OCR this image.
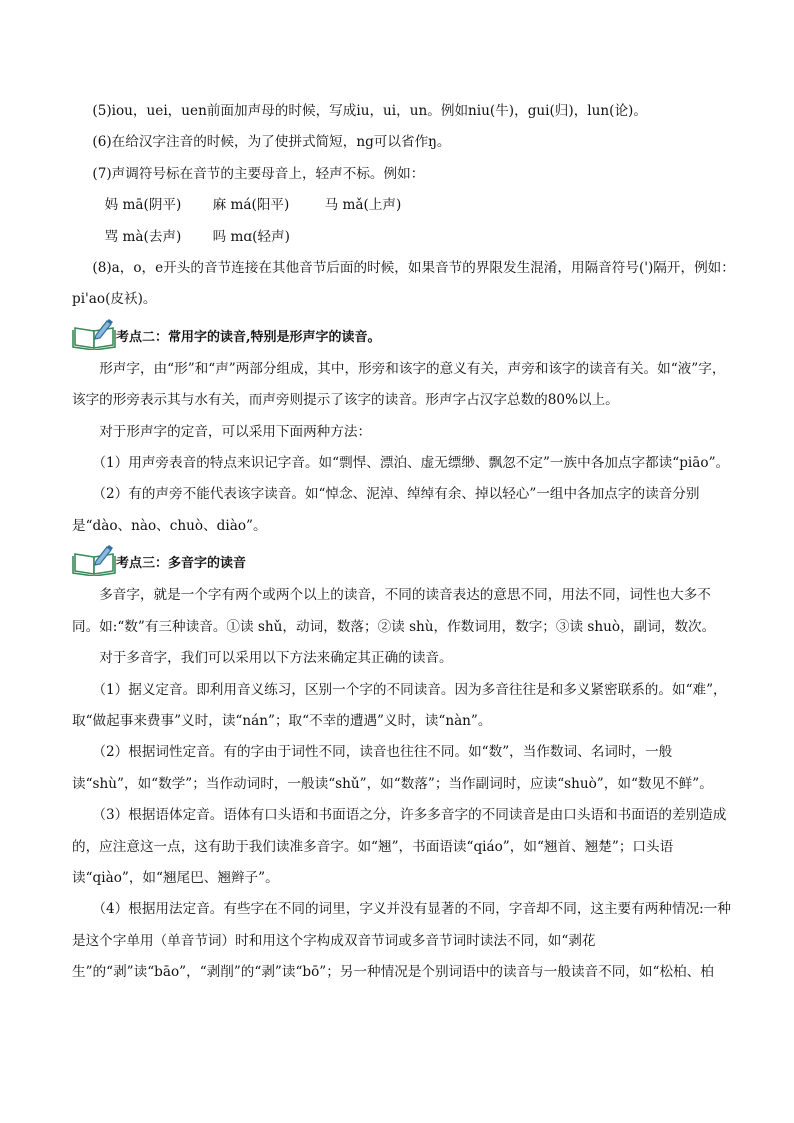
(5)iou，uei，uen前面加声母的时候，写成iu，ui，un。例如niu(牛)，gui(归)，lun(论)。

(6)在给汉字注音的时候，为了使拼式简短，ng可以省作ŋ。

(7)声调符号标在音节的主要母音上，轻声不标。例如：

妈 mā(阴平) 麻 má(阳平)	马 mǎ(上声)

骂 mà(去声) 吗 mɑ(轻声)

(8)a，o，e开头的音节连接在其他音节后面的时候，如果音节的界限发生混淆，用隔音符号(')隔开，例如：pi'ao(皮袄)。

考点二：常用字的读音,特别是形声字的读音。

形声字，由“形”和“声”两部分组成，其中，形旁和该字的意义有关，声旁和该字的读音有关。如“液”字，该字的形旁表示其与水有关，而声旁则提示了该字的读音。形声字占汉字总数的80%以上。

对于形声字的定音，可以采用下面两种方法：

（1）用声旁表音的特点来识记字音。如“剽悍、漂泊、虚无缥缈、飘忽不定”一族中各加点字都读“piāo”。

（2）有的声旁不能代表该字读音。如“悼念、泥淖、绰绰有余、掉以轻心”一组中各加点字的读音分别是“dào、nào、chuò、diào”。

考点三：多音字的读音

多音字，就是一个字有两个或两个以上的读音，不同的读音表达的意思不同，用法不同，词性也大多不同。如:“数”有三种读音。①读 shǔ，动词，数落；②读 shù，作数词用，数字；③读 shuò，副词，数次。

对于多音字，我们可以采用以下方法来确定其正确的读音。

（1）据义定音。即利用音义练习，区别一个字的不同读音。因为多音往往是和多义紧密联系的。如“难”，取“做起事来费事”义时，读“nán”；取“不幸的遭遇”义时，读“nàn”。

（2）根据词性定音。有的字由于词性不同，读音也往往不同。如“数”，当作数词、名词时，一般读“shù”，如“数学”；当作动词时，一般读“shǔ”，如“数落”；当作副词时，应读“shuò”，如“数见不鲜”。

（3）根据语体定音。语体有口头语和书面语之分，许多多音字的不同读音是由口头语和书面语的差别造成的，应注意这一点，这有助于我们读准多音字。如“翘”，书面语读“qiáo”，如“翘首、翘楚”；口头语读“qiào”，如“翘尾巴、翘辫子”。

（4）根据用法定音。有些字在不同的词里，字义并没有显著的不同，字音却不同，这主要有两种情况:一种是这个字单用（单音节词）时和用这个字构成双音节词或多音节词时读法不同，如“剥花生”的“剥”读“bāo”，“剥削”的“剥”读“bō”；另一种情况是个别词语中的读音与一般读音不同，如“松柏、柏
